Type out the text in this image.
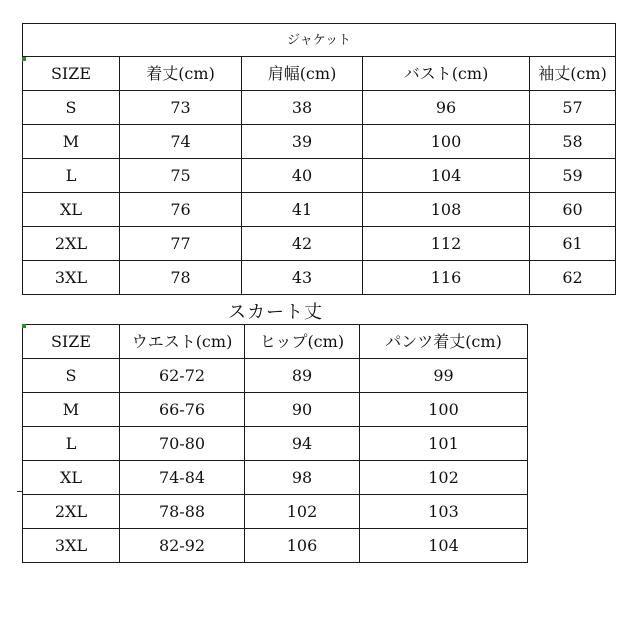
ジャケット				
SIZE	着丈(cm)	肩幅(cm)	バスト(cm)	袖丈(cm)
S	73	38	96	57
M	74	39	100	58
L	75	40	104	59
XL	76	41	108	60
2XL	77	42	112	61
3XL	78	43	116	62
スカート丈
SIZE	ウエスト(cm)	ヒップ(cm)	パンツ着丈(cm)
S	62-72	89	99
M	66-76	90	100
L	70-80	94	101
XL	74-84	98	102
2XL	78-88	102	103
3XL	82-92	106	104
